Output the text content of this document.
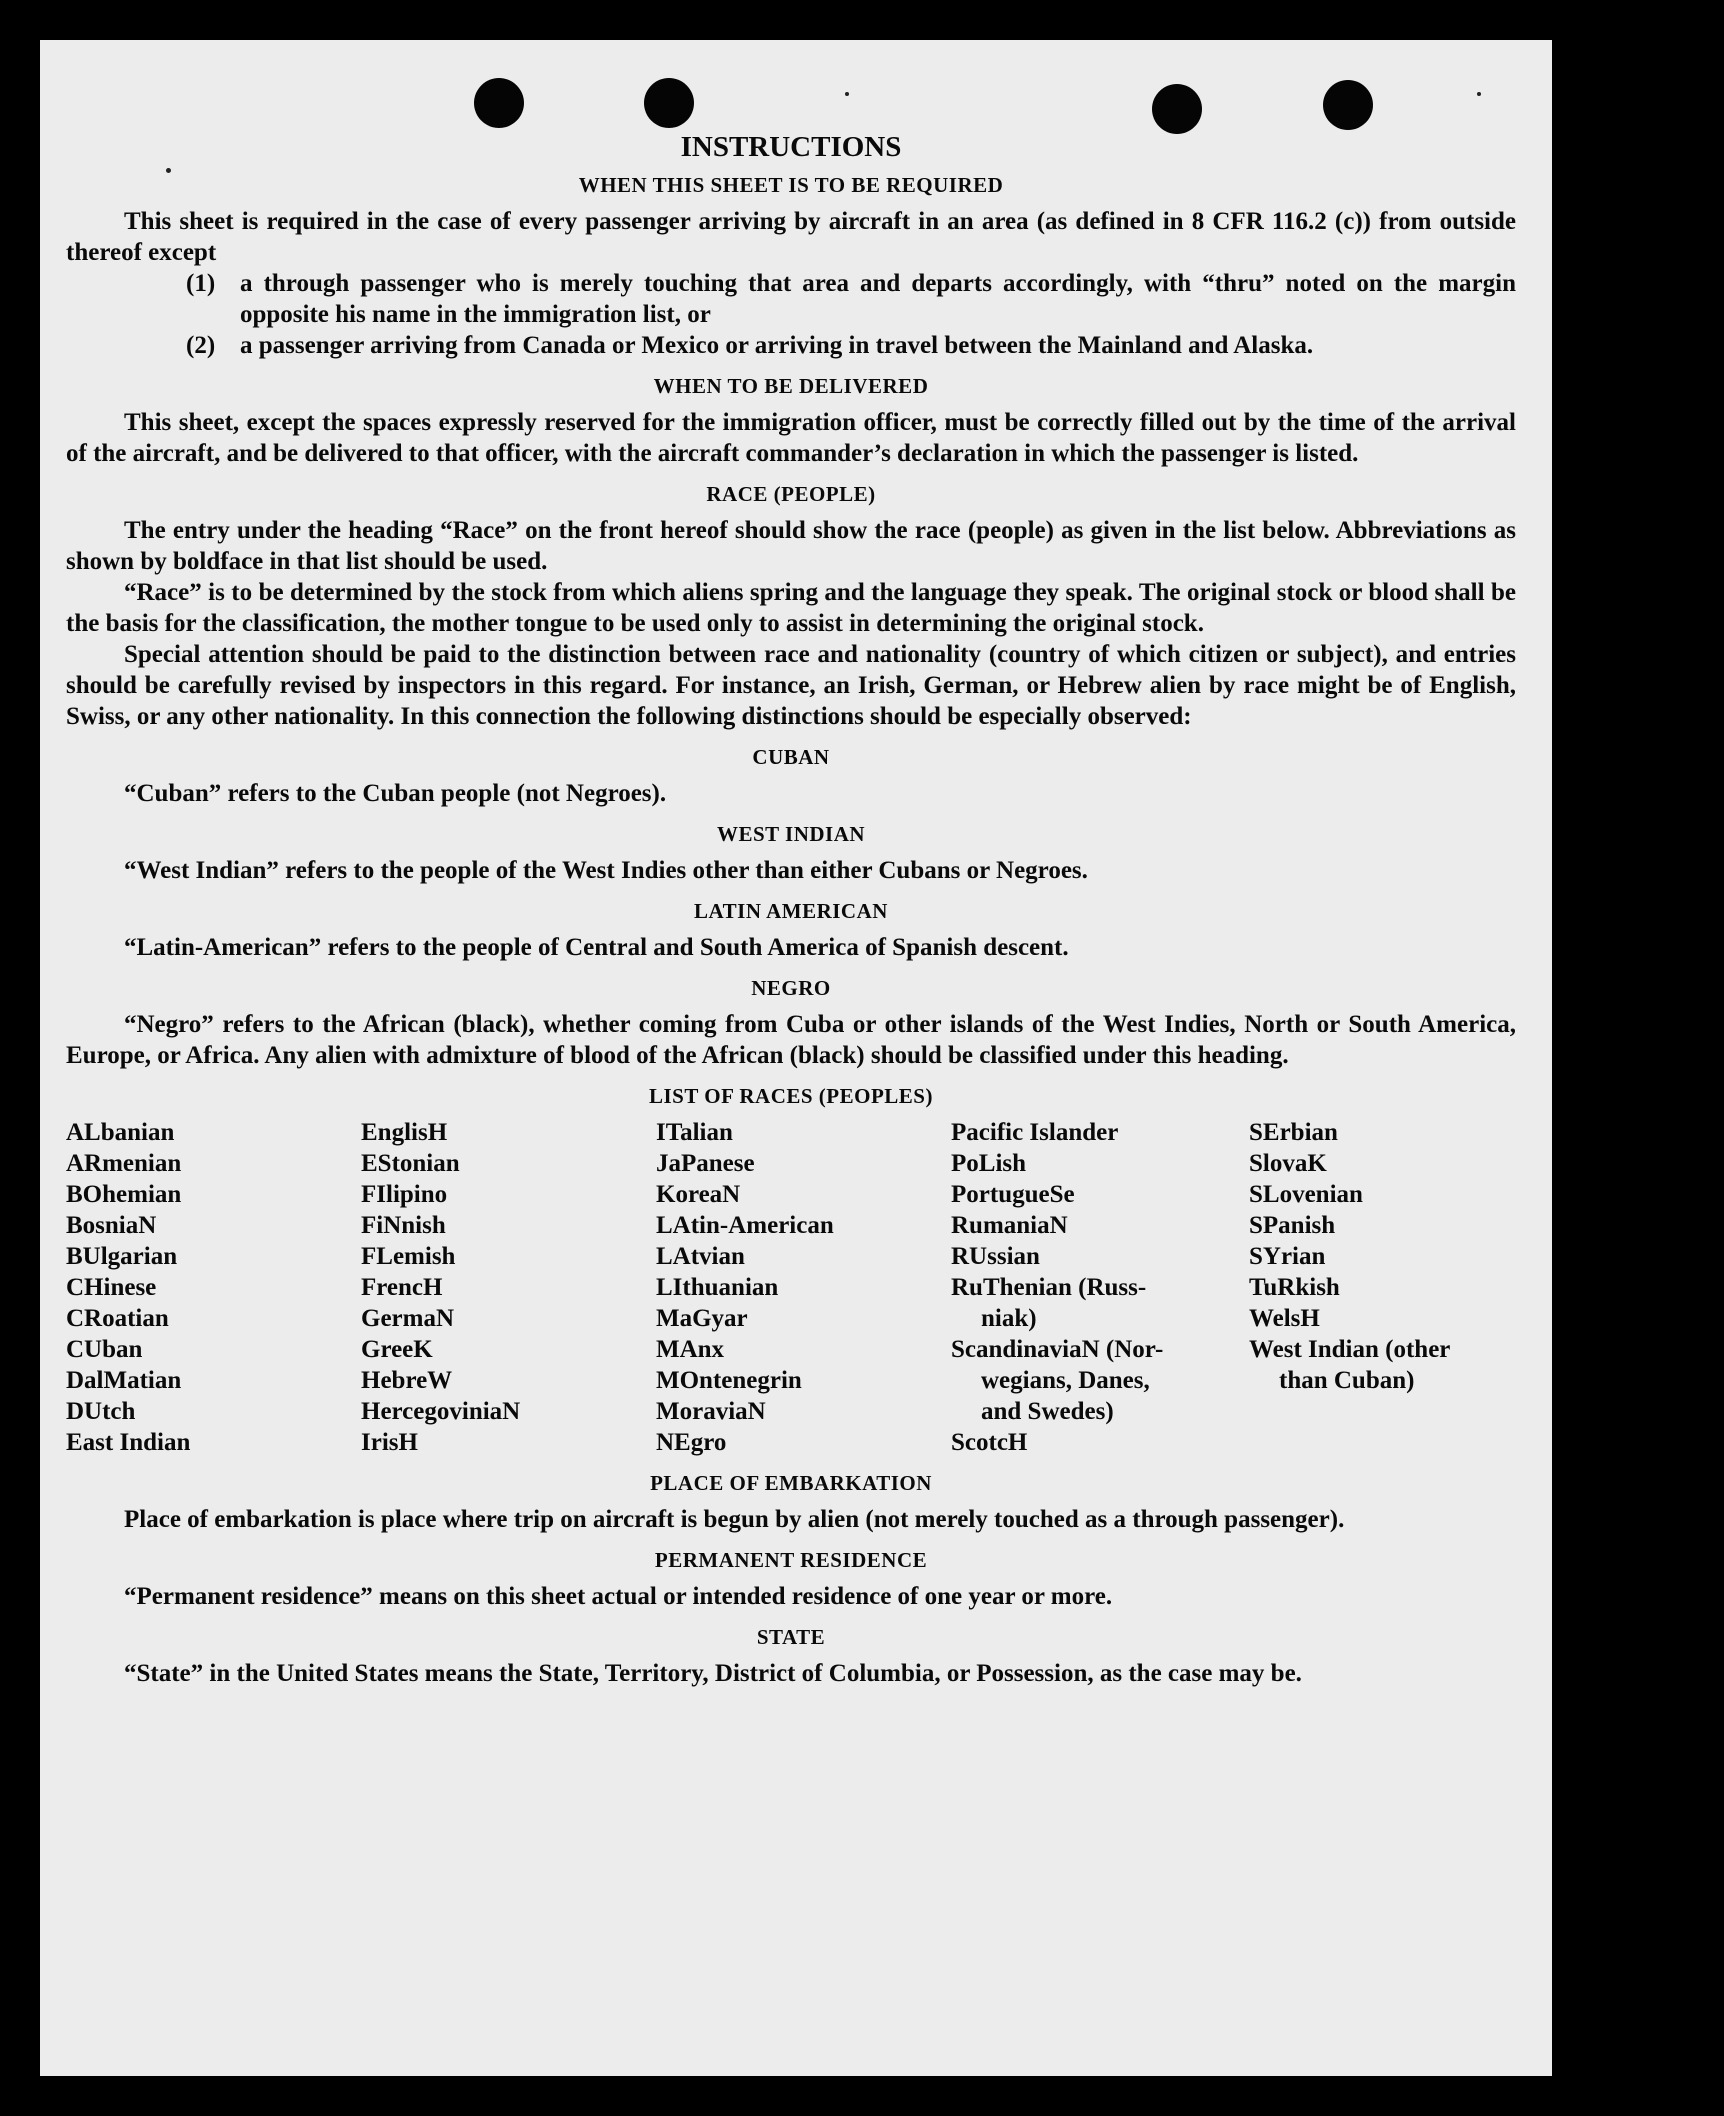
INSTRUCTIONS
WHEN THIS SHEET IS TO BE REQUIRED

This sheet is required in the case of every passenger arriving by aircraft in an area (as defined in 8 CFR 116.2 (c)) from outside thereof except

(1) a through passenger who is merely touching that area and departs accordingly, with “thru” noted on the margin opposite his name in the immigration list, or
(2) a passenger arriving from Canada or Mexico or arriving in travel between the Mainland and Alaska.
WHEN TO BE DELIVERED

This sheet, except the spaces expressly reserved for the immigration officer, must be correctly filled out by the time of the arrival of the aircraft, and be delivered to that officer, with the aircraft commander’s declaration in which the passenger is listed.

RACE (PEOPLE)

The entry under the heading “Race” on the front hereof should show the race (people) as given in the list below. Abbreviations as shown by boldface in that list should be used.

“Race” is to be determined by the stock from which aliens spring and the language they speak. The original stock or blood shall be the basis for the classification, the mother tongue to be used only to assist in determining the original stock.

Special attention should be paid to the distinction between race and nationality (country of which citizen or subject), and entries should be carefully revised by inspectors in this regard. For instance, an Irish, German, or Hebrew alien by race might be of English, Swiss, or any other nationality. In this connection the following distinctions should be especially observed:

CUBAN

“Cuban” refers to the Cuban people (not Negroes).

WEST INDIAN

“West Indian” refers to the people of the West Indies other than either Cubans or Negroes.

LATIN AMERICAN

“Latin-American” refers to the people of Central and South America of Spanish descent.

NEGRO

“Negro” refers to the African (black), whether coming from Cuba or other islands of the West Indies, North or South America, Europe, or Africa. Any alien with admixture of blood of the African (black) should be classified under this heading.

LIST OF RACES (PEOPLES)
ALbanian
ARmenian
BOhemian
BosniaN
BUlgarian
CHinese
CRoatian
CUban
DalMatian
DUtch
East Indian
EnglisH
EStonian
FIlipino
FiNnish
FLemish
FrencH
GermaN
GreeK
HebreW
HercegoviniaN
IrisH
ITalian
JaPanese
KoreaN
LAtin-American
LAtvian
LIthuanian
MaGyar
MAnx
MOntenegrin
MoraviaN
NEgro
Pacific Islander
PoLish
PortugueSe
RumaniaN
RUssian
RuThenian (Russ-
niak)
ScandinaviaN (Nor-
wegians, Danes,
and Swedes)
ScotcH
SErbian
SlovaK
SLovenian
SPanish
SYrian
TuRkish
WelsH
West Indian (other
than Cuban)
PLACE OF EMBARKATION

Place of embarkation is place where trip on aircraft is begun by alien (not merely touched as a through passenger).

PERMANENT RESIDENCE

“Permanent residence” means on this sheet actual or intended residence of one year or more.

STATE

“State” in the United States means the State, Territory, District of Columbia, or Possession, as the case may be.
